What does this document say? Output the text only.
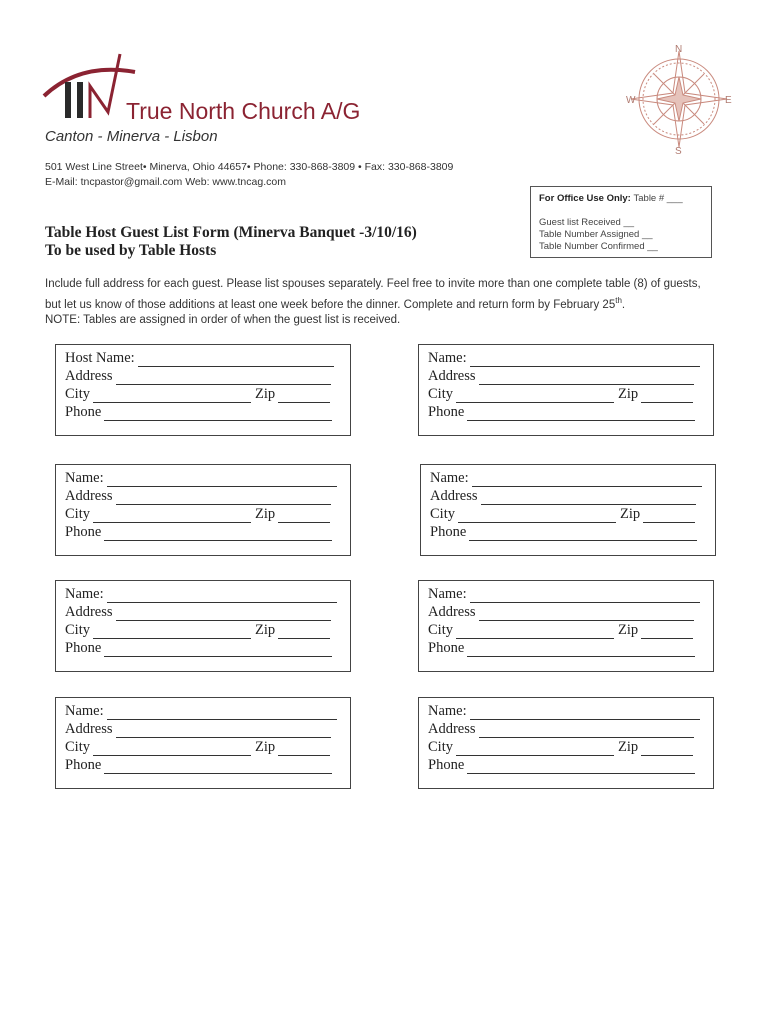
True North Church A/G
Canton - Minerva - Lisbon
N
S
E
W
501 West Line Street• Minerva, Ohio 44657• Phone: 330-868-3809 • Fax: 330-868-3809
E-Mail: tncpastor@gmail.com Web: www.tncag.com
For Office Use Only: Table # ___
Guest list Received __
Table Number Assigned __
Table Number Confirmed __
Table Host Guest List Form (Minerva Banquet -3/10/16)
To be used by Table Hosts
Include full address for each guest. Please list spouses separately. Feel free to invite more than one complete table (8) of guests, but let us know of those additions at least one week before the dinner. Complete and return form by February 25th.
NOTE: Tables are assigned in order of when the guest list is received.
Host Name:
Address
City	Zip
Phone
Name:
Address
City	Zip
Phone
Name:
Address
City	Zip
Phone
Name:
Address
City	Zip
Phone
Name:
Address
City	Zip
Phone
Name:
Address
City	Zip
Phone
Name:
Address
City	Zip
Phone
Name:
Address
City	Zip
Phone
